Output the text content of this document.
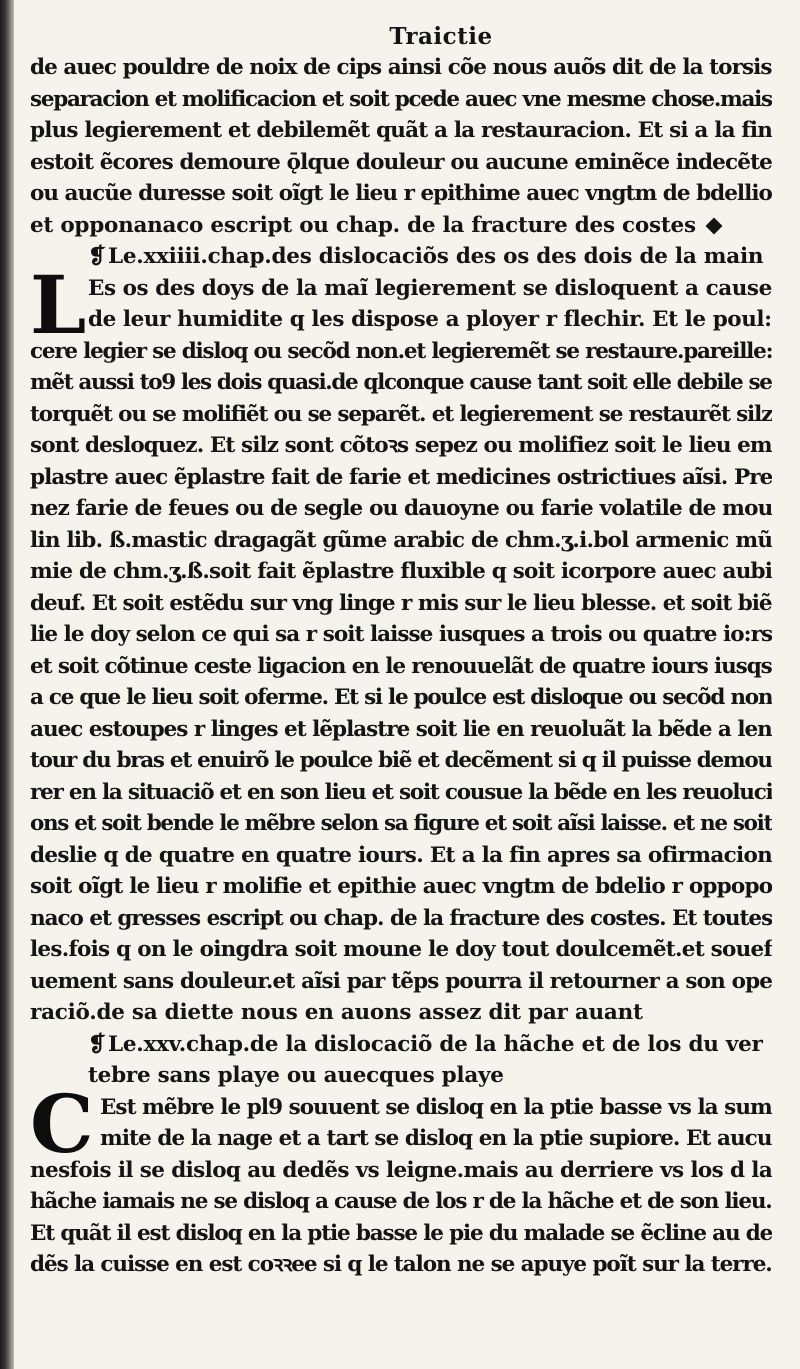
Traictie
de auec pouldre de noix de cips ainsi cõe nous auõs dit de la torsis
separacion et molificacion et soit pcede auec vne mesme chose.mais
plus legierement et debilemẽt quãt a la restauracion. Et si a la fin
estoit ẽcores demoure ǭlque douleur ou aucune eminẽce indecẽte
ou aucũe duresse soit oĩgt le lieu r epithime auec vngtm de bdellio
et opponanaco escript ou chap. de la fracture des costes
❡ Le.xxiiii.chap.des dislocaciõs des os des dois de la main
L Es os des doys de la maĩ legierement se disloquent a cause
de leur humidite q les dispose a ployer r flechir. Et le poul:
cere legier se disloq ou secõd non.et legieremẽt se restaure.pareille:
mẽt aussi to9 les dois quasi.de qlconque cause tant soit elle debile se
torquẽt ou se molifiẽt ou se separẽt. et legierement se restaurẽt silz
sont desloquez. Et silz sont cõtoꝛs sepez ou molifiez soit le lieu em
plastre auec ẽplastre fait de farie et medicines ostrictiues aĩsi. Pre
nez farie de feues ou de segle ou dauoyne ou farie volatile de mou
lin lib. ß.mastic dragagãt gũme arabic de chm.ʒ.i.bol armenic mũ
mie de chm.ʒ.ß.soit fait ẽplastre fluxible q soit icorpore auec aubi
deuf. Et soit estẽdu sur vng linge r mis sur le lieu blesse. et soit biẽ
lie le doy selon ce qui sa r soit laisse iusques a trois ou quatre io:rs
et soit cõtinue ceste ligacion en le renouuelãt de quatre iours iusqs
a ce que le lieu soit oferme. Et si le poulce est disloque ou secõd non
auec estoupes r linges et lẽplastre soit lie en reuoluãt la bẽde a len
tour du bras et enuirõ le poulce biẽ et decẽment si q il puisse demou
rer en la situaciõ et en son lieu et soit cousue la bẽde en les reuoluci
ons et soit bende le mẽbre selon sa figure et soit aĩsi laisse. et ne soit
deslie q de quatre en quatre iours. Et a la fin apres sa ofirmacion
soit oĩgt le lieu r molifie et epithie auec vngtm de bdelio r oppopo
naco et gresses escript ou chap. de la fracture des costes. Et toutes
les.fois q on le oingdra soit moune le doy tout doulcemẽt.et souef
uement sans douleur.et aĩsi par tẽps pourra il retourner a son ope
raciõ.de sa diette nous en auons assez dit par auant
❡ Le.xxv.chap.de la dislocaciõ de la hãche et de los du ver
tebre sans playe ou auecques playe
C Est mẽbre le pl9 souuent se disloq en la ptie basse vs la sum
mite de la nage et a tart se disloq en la ptie supiore. Et aucu
nesfois il se disloq au dedẽs vs leigne.mais au derriere vs los d la
hãche iamais ne se disloq a cause de los r de la hãche et de son lieu.
Et quãt il est disloq en la ptie basse le pie du malade se ẽcline au de
dẽs la cuisse en est coꝛꝛee si q le talon ne se apuye poĩt sur la terre.
